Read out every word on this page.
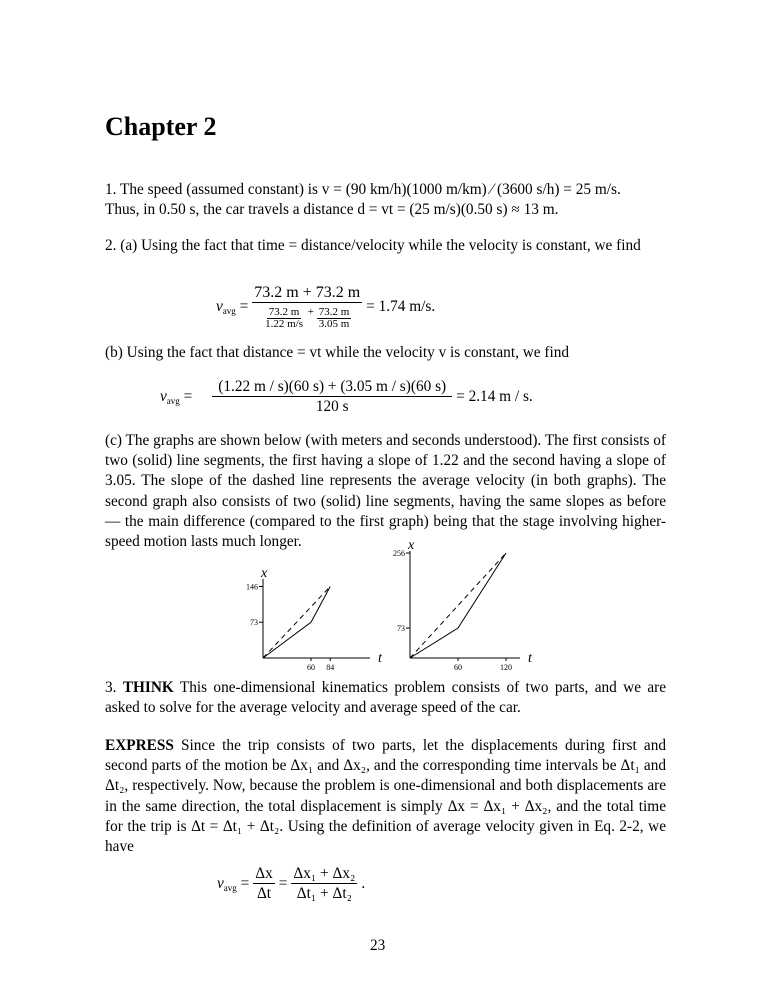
Chapter 2
1. The speed (assumed constant) is v = (90 km/h)(1000 m/km) ⁄ (3600 s/h) = 25 m/s.
Thus, in 0.50 s, the car travels a distance d = vt = (25 m/s)(0.50 s) ≈ 13 m.
2. (a) Using the fact that time = distance/velocity while the velocity is constant, we find
$v_{avg} = \frac{73.2 m + 73.2 m}{\frac{73.2 m}{1.22 m/s} + \frac{73.2 m}{3.05 m}} = 1.74$ m/s.
(b) Using the fact that distance = vt while the velocity v is constant, we find
$v_{avg} = \frac{(1.22 m / s)(60 s) + (3.05 m / s)(60 s)}{120 s} = 2.14$ m / s.
(c) The graphs are shown below (with meters and seconds understood). The first consists of two (solid) line segments, the first having a slope of 1.22 and the second having a slope of 3.05. The slope of the dashed line represents the average velocity (in both graphs). The second graph also consists of two (solid) line segments, having the same slopes as before — the main difference (compared to the first graph) being that the stage involving higher-speed motion lasts much longer.
x
t
73
146
60 84
x
t
73
256
60	120
3. THINK This one-dimensional kinematics problem consists of two parts, and we are asked to solve for the average velocity and average speed of the car.
EXPRESS Since the trip consists of two parts, let the displacements during first and second parts of the motion be Δx₁ and Δx₂, and the corresponding time intervals be Δt₁ and Δt₂, respectively. Now, because the problem is one-dimensional and both displacements are in the same direction, the total displacement is simply Δx = Δx₁ + Δx₂, and the total time for the trip is Δt = Δt₁ + Δt₂. Using the definition of average velocity given in Eq. 2-2, we have
$v_{avg} = \frac{\Delta x}{\Delta t} = \frac{\text{Δx₁ + Δx₂}}{\text{Δt₁ + Δt₂}}$ .
23
